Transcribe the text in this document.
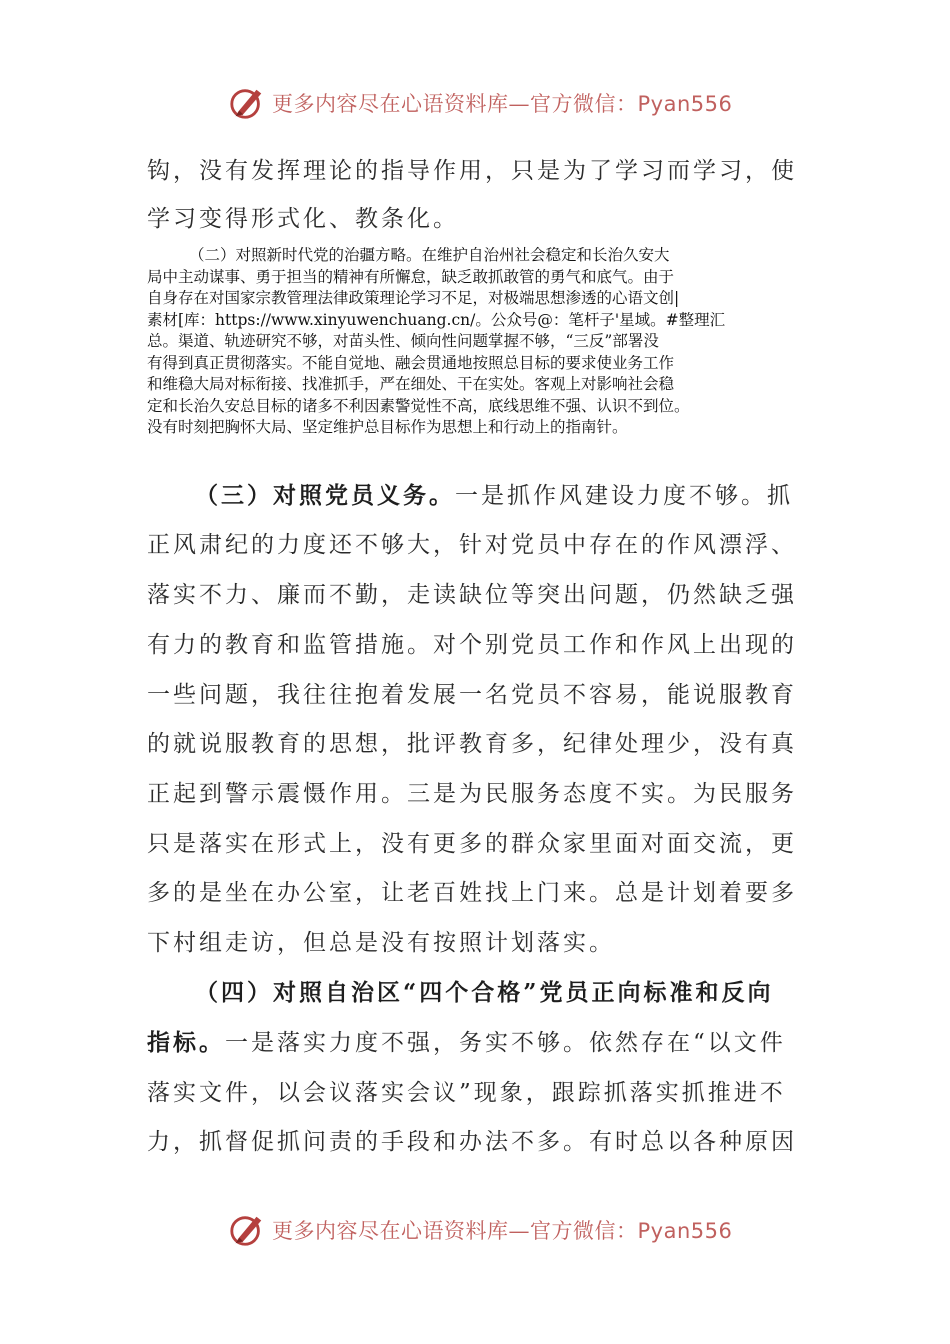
更多内容尽在心语资料库—官方微信：Pyan556
钩，没有发挥理论的指导作用，只是为了学习而学习，使
学习变得形式化、教条化。

（二）对照新时代党的治疆方略。在维护自治州社会稳定和长治久安大

局中主动谋事、勇于担当的精神有所懈怠，缺乏敢抓敢管的勇气和底气。由于

自身存在对国家宗教管理法律政策理论学习不足，对极端思想渗透的心语文创|

素材[库：https://www.xinyuwenchuang.cn/。公众号@：笔杆子'星域。#整理汇

总。渠道、轨迹研究不够，对苗头性、倾向性问题掌握不够，“三反”部署没

有得到真正贯彻落实。不能自觉地、融会贯通地按照总目标的要求使业务工作

和维稳大局对标衔接、找准抓手，严在细处、干在实处。客观上对影响社会稳

定和长治久安总目标的诸多不利因素警觉性不高，底线思维不强、认识不到位。

没有时刻把胸怀大局、坚定维护总目标作为思想上和行动上的指南针。

（三）对照党员义务。一是抓作风建设力度不够。抓
正风肃纪的力度还不够大，针对党员中存在的作风漂浮、
落实不力、廉而不勤，走读缺位等突出问题，仍然缺乏强
有力的教育和监管措施。对个别党员工作和作风上出现的
一些问题，我往往抱着发展一名党员不容易，能说服教育
的就说服教育的思想，批评教育多，纪律处理少，没有真
正起到警示震慑作用。三是为民服务态度不实。为民服务
只是落实在形式上，没有更多的群众家里面对面交流，更
多的是坐在办公室，让老百姓找上门来。总是计划着要多
下村组走访，但总是没有按照计划落实。
（四）对照自治区“四个合格”党员正向标准和反向
指标。一是落实力度不强，务实不够。依然存在“以文件
落实文件，以会议落实会议”现象，跟踪抓落实抓推进不
力，抓督促抓问责的手段和办法不多。有时总以各种原因
更多内容尽在心语资料库—官方微信：Pyan556
